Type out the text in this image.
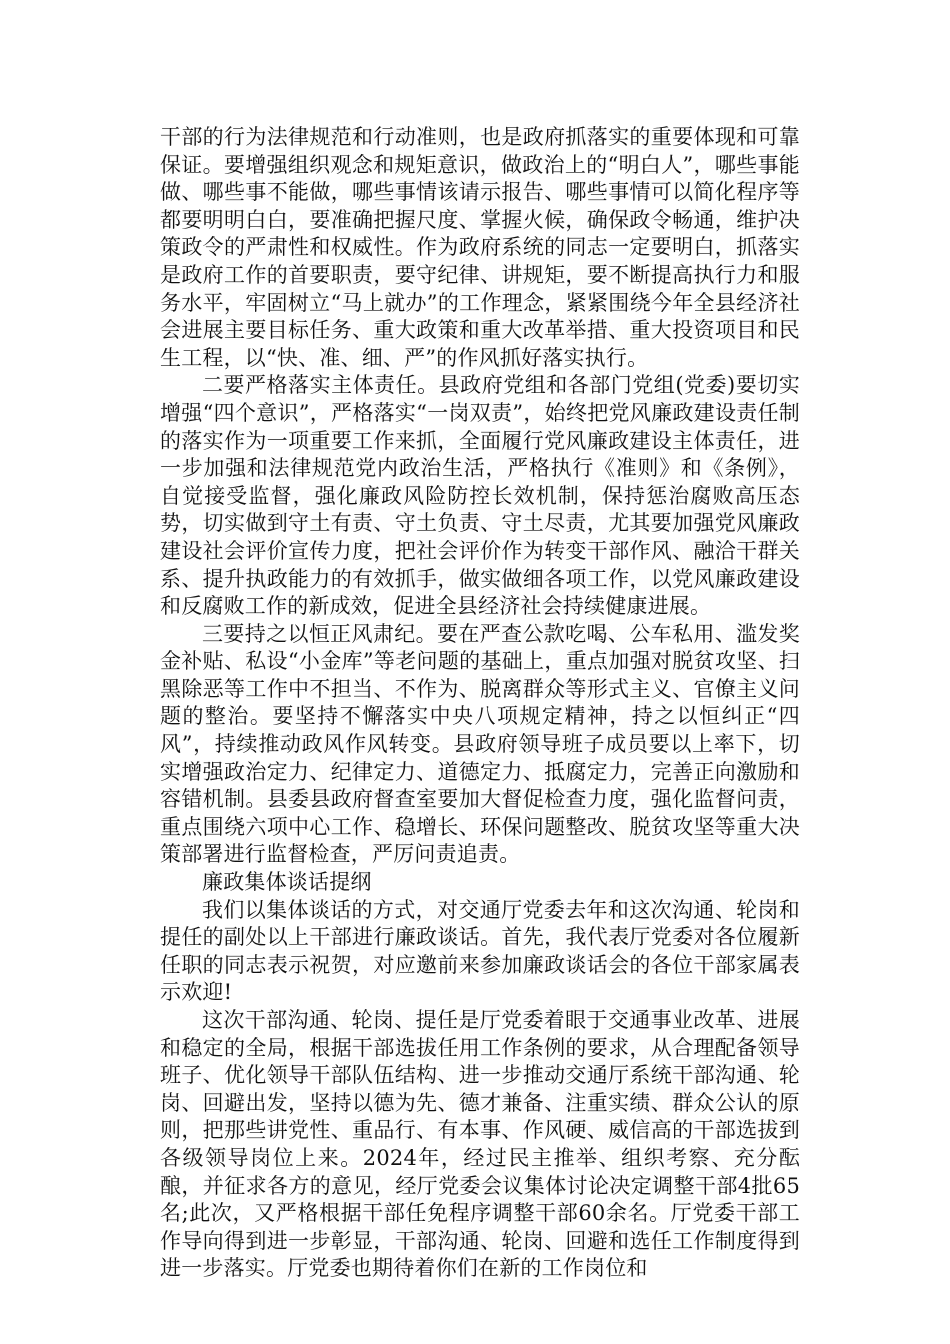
干部的行为法律规范和行动准则，也是政府抓落实的重要体现和可靠保证。要增强组织观念和规矩意识，做政治上的“明白人”，哪些事能做、哪些事不能做，哪些事情该请示报告、哪些事情可以简化程序等都要明明白白，要准确把握尺度、掌握火候，确保政令畅通，维护决策政令的严肃性和权威性。作为政府系统的同志一定要明白，抓落实是政府工作的首要职责，要守纪律、讲规矩，要不断提高执行力和服务水平，牢固树立“马上就办”的工作理念，紧紧围绕今年全县经济社会进展主要目标任务、重大政策和重大改革举措、重大投资项目和民生工程，以“快、准、细、严”的作风抓好落实执行。

二要严格落实主体责任。县政府党组和各部门党组(党委)要切实增强“四个意识”，严格落实“一岗双责”，始终把党风廉政建设责任制的落实作为一项重要工作来抓，全面履行党风廉政建设主体责任，进一步加强和法律规范党内政治生活，严格执行《准则》和《条例》，自觉接受监督，强化廉政风险防控长效机制，保持惩治腐败高压态势，切实做到守土有责、守土负责、守土尽责，尤其要加强党风廉政建设社会评价宣传力度，把社会评价作为转变干部作风、融洽干群关系、提升执政能力的有效抓手，做实做细各项工作，以党风廉政建设和反腐败工作的新成效，促进全县经济社会持续健康进展。

三要持之以恒正风肃纪。要在严查公款吃喝、公车私用、滥发奖金补贴、私设“小金库”等老问题的基础上，重点加强对脱贫攻坚、扫黑除恶等工作中不担当、不作为、脱离群众等形式主义、官僚主义问题的整治。要坚持不懈落实中央八项规定精神，持之以恒纠正“四风”，持续推动政风作风转变。县政府领导班子成员要以上率下，切实增强政治定力、纪律定力、道德定力、抵腐定力，完善正向激励和容错机制。县委县政府督查室要加大督促检查力度，强化监督问责，重点围绕六项中心工作、稳增长、环保问题整改、脱贫攻坚等重大决策部署进行监督检查，严厉问责追责。

廉政集体谈话提纲

我们以集体谈话的方式，对交通厅党委去年和这次沟通、轮岗和提任的副处以上干部进行廉政谈话。首先，我代表厅党委对各位履新任职的同志表示祝贺，对应邀前来参加廉政谈话会的各位干部家属表示欢迎!

这次干部沟通、轮岗、提任是厅党委着眼于交通事业改革、进展和稳定的全局，根据干部选拔任用工作条例的要求，从合理配备领导班子、优化领导干部队伍结构、进一步推动交通厅系统干部沟通、轮岗、回避出发，坚持以德为先、德才兼备、注重实绩、群众公认的原则，把那些讲党性、重品行、有本事、作风硬、威信高的干部选拔到各级领导岗位上来。2024年，经过民主推举、组织考察、充分酝酿，并征求各方的意见，经厅党委会议集体讨论决定调整干部4批65名;此次，又严格根据干部任免程序调整干部60余名。厅党委干部工作导向得到进一步彰显，干部沟通、轮岗、回避和选任工作制度得到进一步落实。厅党委也期待着你们在新的工作岗位和
